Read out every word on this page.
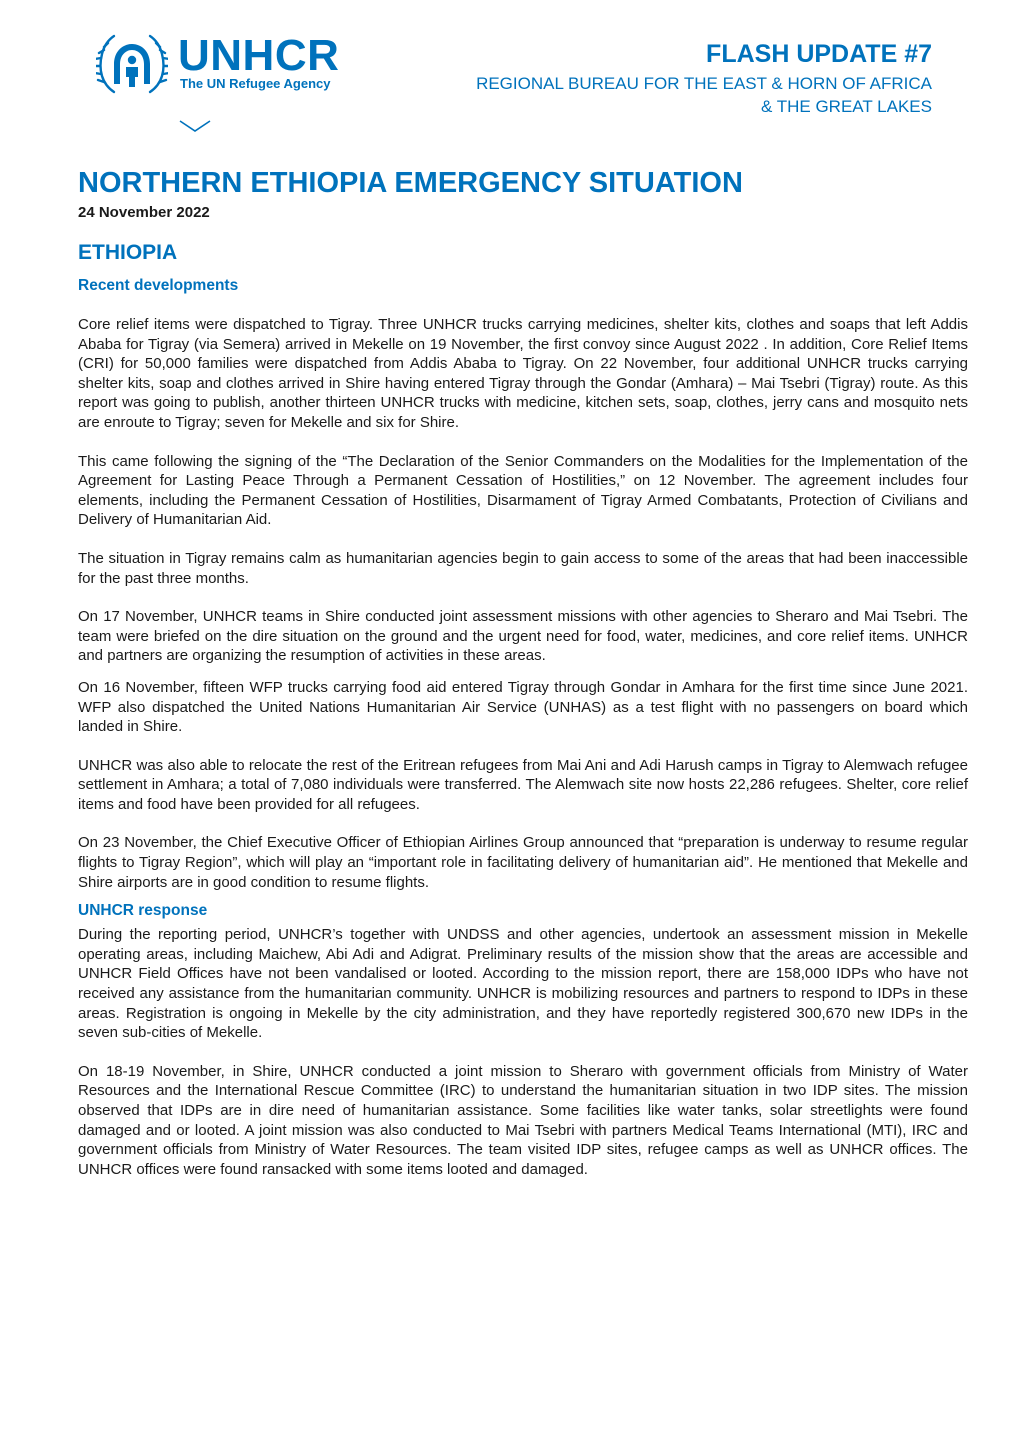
UNHCR
The UN Refugee Agency
FLASH UPDATE #7
REGIONAL BUREAU FOR THE EAST & HORN OF AFRICA & THE GREAT LAKES
NORTHERN ETHIOPIA EMERGENCY SITUATION
24 November 2022
ETHIOPIA
Recent developments

Core relief items were dispatched to Tigray. Three UNHCR trucks carrying medicines, shelter kits, clothes and soaps that left Addis Ababa for Tigray (via Semera) arrived in Mekelle on 19 November, the first convoy since August 2022 . In addition, Core Relief Items (CRI) for 50,000 families were dispatched from Addis Ababa to Tigray. On 22 November, four additional UNHCR trucks carrying shelter kits, soap and clothes arrived in Shire having entered Tigray through the Gondar (Amhara) – Mai Tsebri (Tigray) route. As this report was going to publish, another thirteen UNHCR trucks with medicine, kitchen sets, soap, clothes, jerry cans and mosquito nets are enroute to Tigray; seven for Mekelle and six for Shire.

This came following the signing of the “The Declaration of the Senior Commanders on the Modalities for the Implementation of the Agreement for Lasting Peace Through a Permanent Cessation of Hostilities,” on 12 November. The agreement includes four elements, including the Permanent Cessation of Hostilities, Disarmament of Tigray Armed Combatants, Protection of Civilians and Delivery of Humanitarian Aid.

The situation in Tigray remains calm as humanitarian agencies begin to gain access to some of the areas that had been inaccessible for the past three months.

On 17 November, UNHCR teams in Shire conducted joint assessment missions with other agencies to Sheraro and Mai Tsebri. The team were briefed on the dire situation on the ground and the urgent need for food, water, medicines, and core relief items. UNHCR and partners are organizing the resumption of activities in these areas.

On 16 November, fifteen WFP trucks carrying food aid entered Tigray through Gondar in Amhara for the first time since June 2021. WFP also dispatched the United Nations Humanitarian Air Service (UNHAS) as a test flight with no passengers on board which landed in Shire.

UNHCR was also able to relocate the rest of the Eritrean refugees from Mai Ani and Adi Harush camps in Tigray to Alemwach refugee settlement in Amhara; a total of 7,080 individuals were transferred. The Alemwach site now hosts 22,286 refugees. Shelter, core relief items and food have been provided for all refugees.

On 23 November, the Chief Executive Officer of Ethiopian Airlines Group announced that “preparation is underway to resume regular flights to Tigray Region”, which will play an “important role in facilitating delivery of humanitarian aid”. He mentioned that Mekelle and Shire airports are in good condition to resume flights.

UNHCR response

During the reporting period, UNHCR’s together with UNDSS and other agencies, undertook an assessment mission in Mekelle operating areas, including Maichew, Abi Adi and Adigrat. Preliminary results of the mission show that the areas are accessible and UNHCR Field Offices have not been vandalised or looted. According to the mission report, there are 158,000 IDPs who have not received any assistance from the humanitarian community. UNHCR is mobilizing resources and partners to respond to IDPs in these areas. Registration is ongoing in Mekelle by the city administration, and they have reportedly registered 300,670 new IDPs in the seven sub-cities of Mekelle.

On 18-19 November, in Shire, UNHCR conducted a joint mission to Sheraro with government officials from Ministry of Water Resources and the International Rescue Committee (IRC) to understand the humanitarian situation in two IDP sites. The mission observed that IDPs are in dire need of humanitarian assistance. Some facilities like water tanks, solar streetlights were found damaged and or looted. A joint mission was also conducted to Mai Tsebri with partners Medical Teams International (MTI), IRC and government officials from Ministry of Water Resources. The team visited IDP sites, refugee camps as well as UNHCR offices. The UNHCR offices were found ransacked with some items looted and damaged.
